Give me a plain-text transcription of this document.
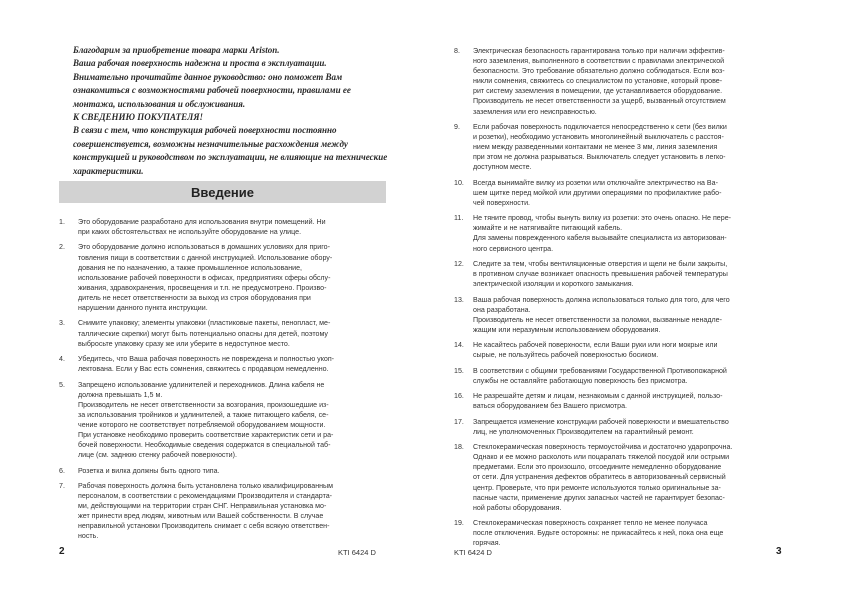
Благодарим за приобретение товара марки Ariston.

Ваша рабочая поверхность надежна и проста в эксплуатации.

Внимательно прочитайте данное руководство: оно поможет Вам ознакомиться с возможностями рабочей поверхности, правилами ее монтажа, использования и обслуживания.

К СВЕДЕНИЮ ПОКУПАТЕЛЯ!

В связи с тем, что конструкция рабочей поверхности постоянно совершенствуется, возможны незначительные расхождения между конструкцией и руководством по эксплуатации, не влияющие на технические характеристики.

Введение
1. Это оборудование разработано для использования внутри помещений. Ни
при каких обстоятельствах не используйте оборудование на улице.
2. Это оборудование должно использоваться в домашних условиях для приго-
товления пищи в соответствии с данной инструкцией. Использование обору-
дования не по назначению, а также промышленное использование,
использование рабочей поверхности в офисах, предприятиях сферы обслу-
живания, здравохранения, просвещения и т.п. не предусмотрено. Произво-
дитель не несет ответственности за выход из строя оборудования при
нарушении данного пункта инструкции.
3. Снимите упаковку; элементы упаковки (пластиковые пакеты, пенопласт, ме-
таллические скрепки) могут быть потенциально опасны для детей, поэтому
выбросьте упаковку сразу же или уберите в недоступное место.
4. Убедитесь, что Ваша рабочая поверхность не повреждена и полностью укоп-
лектована. Если у Вас есть сомнения, свяжитесь с продавцом немедленно.
5. Запрещено использование удлинителей и переходников. Длина кабеля не
должна превышать 1,5 м.
Производитель не несет ответственности за возгорания, произошедшие из-
за использования тройников и удлинителей, а также питающего кабеля, се-
чение которого не соответствует потребляемой оборудованием мощности.
При установке необходимо проверить соответствие характеристик сети и ра-
бочей поверхности. Необходимые сведения содержатся в специальной таб-
лице (см. заднюю стенку рабочей поверхности).
6. Розетка и вилка должны быть одного типа.
7. Рабочая поверхность должна быть установлена только квалифицированным
персоналом, в соответствии с рекомендациями Производителя и стандарта-
ми, действующими на территории стран СНГ. Неправильная установка мо-
жет принести вред людям, животным или Вашей собственности. В случае
неправильной установки Производитель снимает с себя всякую ответствен-
ность.
2	KTI 6424 D
8. Электрическая безопасность гарантирована только при наличии эффектив-
ного заземления, выполненного в соответствии с правилами электрической
безопасности. Это требование обязательно должно соблюдаться. Если воз-
никли сомнения, свяжитесь со специалистом по установке, который прове-
рит систему заземления в помещении, где устанавливается оборудование.
Производитель не несет ответственности за ущерб, вызванный отсутствием
заземления или его неисправностью.
9. Если рабочая поверхность подключается непосредственно к сети (без вилки
и розетки), необходимо установить многолинейный выключатель с расстоя-
нием между разведенными контактами не менее 3 мм, линия заземления
при этом не должна разрываться. Выключатель следует установить в легко-
доступном месте.
10. Всегда вынимайте вилку из розетки или отключайте электричество на Ва-
шем щитке перед мойкой или другими операциями по профилактике рабо-
чей поверхности.
11. Не тяните провод, чтобы вынуть вилку из розетки: это очень опасно. Не пере-
жимайте и не натягивайте питающий кабель.
Для замены поврежденного кабеля вызывайте специалиста из авторизован-
ного сервисного центра.
12. Следите за тем, чтобы вентиляционные отверстия и щели не были закрыты,
в противном случае возникает опасность превышения рабочей температуры
электрической изоляции и короткого замыкания.
13. Ваша рабочая поверхность должна использоваться только для того, для чего
она разработана.
Производитель не несет ответственности за поломки, вызванные ненадле-
жащим или неразумным использованием оборудования.
14. Не касайтесь рабочей поверхности, если Ваши руки или ноги мокрые или
сырые, не пользуйтесь рабочей поверхностью босиком.
15. В соответствии с общими требованиями Государственной Противопожарной
службы не оставляйте работающую поверхность без присмотра.
16. Не разрешайте детям и лицам, незнакомым с данной инструкцией, пользо-
ваться оборудованием без Вашего присмотра.
17. Запрещается изменение конструкции рабочей поверхности и вмешательство
лиц, не уполномоченных Производителем на гарантийный ремонт.
18. Стеклокерамическая поверхность термоустойчива и достаточно ударопрочна.
Однако и ее можно расколоть или поцарапать тяжелой посудой или острыми
предметами. Если это произошло, отсоедините немедленно оборудование
от сети. Для устранения дефектов обратитесь в авторизованный сервисный
центр. Проверьте, что при ремонте используются только оригинальные за-
пасные части, применение других запасных частей не гарантирует безопас-
ной работы оборудования.
19. Стеклокерамическая поверхность сохраняет тепло не менее получаса
после отключения. Будьте осторожны: не прикасайтесь к ней, пока она еще
горячая.
KTI 6424 D	3
